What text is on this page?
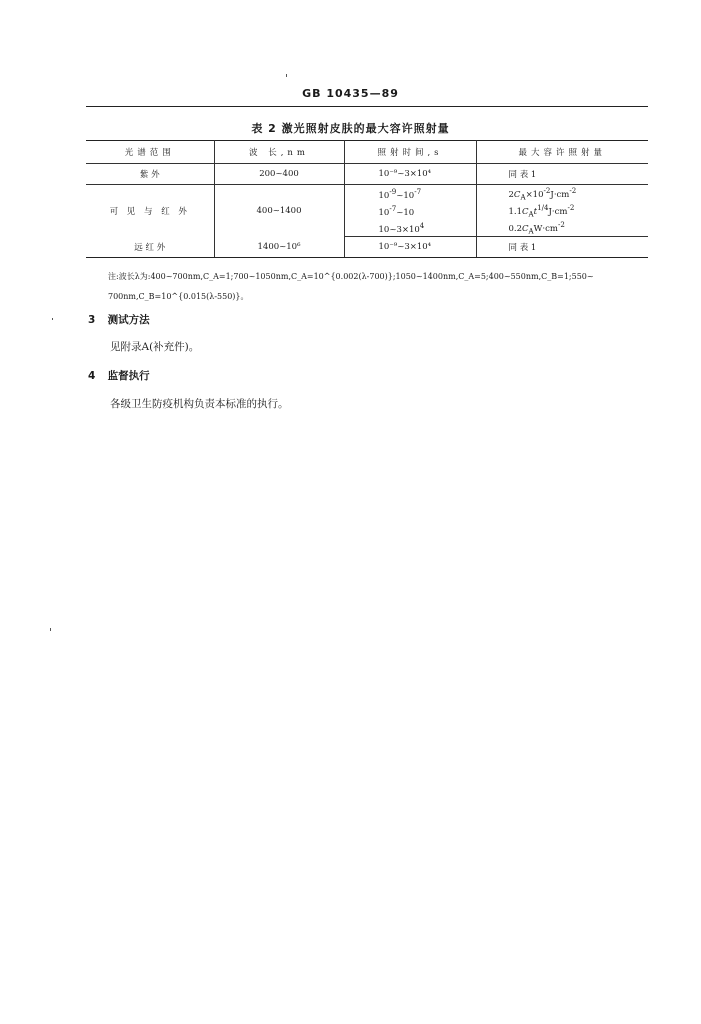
GB 10435—89
表 2 激光照射皮肤的最大容许照射量
光谱范围	波 长,nm	照射时间,s	最大容许照射量
紫 外	200~400	10⁻⁹~3×10⁴	同 表 1
可 见 与 红 外	400~1400	$10^{-9}\sim 10^{-7}$	$2C_A\times 10^{-2}J\cdot cm^{-2}$
		$10^{-7}\sim 10$	$1.1C_At^{1/4}J\cdot cm^{-2}$
		$10\sim 3\times 10^4$	$0.2C_AW\cdot cm^{-2}$
远 红 外	1400~10⁶	10⁻⁹~3×10⁴	同 表 1
注:波长λ为:400~700nm,C_A=1;700~1050nm,C_A=10^{0.002(λ-700)};1050~1400nm,C_A=5;400~550nm,C_B=1;550~
700nm,C_B=10^{0.015(λ-550)}。
3 测试方法
见附录A(补充件)。
4 监督执行
各级卫生防疫机构负责本标准的执行。
